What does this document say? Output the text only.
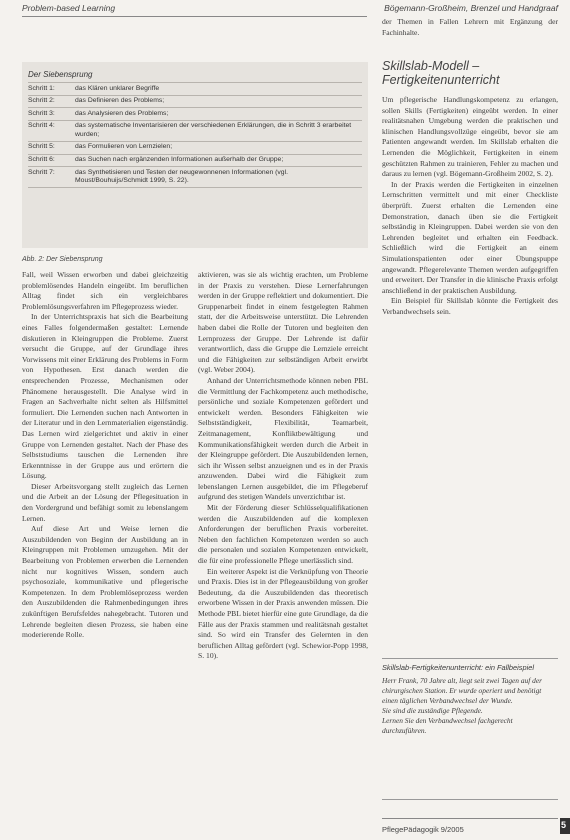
Problem-based Learning	Bögemann-Großheim, Brenzel und Handgraaf
Der Siebensprung
Schritt 1:	das Klären unklarer Begriffe
Schritt 2:	das Definieren des Problems;
Schritt 3:	das Analysieren des Problems;
Schritt 4:	das systematische Inventarisieren der verschiedenen Erklärungen, die in Schritt 3 erarbeitet wurden;
Schritt 5:	das Formulieren von Lernzielen;
Schritt 6:	das Suchen nach ergänzenden Informationen außerhalb der Gruppe;
Schritt 7:	das Synthetisieren und Testen der neugewonnenen Informationen (vgl. Moust/Bouhuijs/Schmidt 1999, S. 22).
Abb. 2: Der Siebensprung

Fall, weil Wissen erworben und dabei gleichzeitig problemlösendes Handeln eingeübt. Im beruflichen Alltag findet sich ein vergleichbares Problemlösungsverfahren im Pflegeprozess wieder.

In der Unterrichtspraxis hat sich die Bearbeitung eines Falles folgendermaßen gestaltet: Lernende diskutieren in Kleingruppen die Probleme. Zuerst versucht die Gruppe, auf der Grundlage ihres Vorwissens mit einer Erklärung des Problems in Form von Hypothesen. Erst danach werden die entsprechenden Prozesse, Mechanismen oder Phänomene herausgestellt. Die Analyse wird in Fragen an Sachverhalte nicht selten als Hilfsmittel formuliert. Die Lernenden suchen nach Antworten in der Literatur und in den Lernmaterialien eigenständig. Das Lernen wird zielgerichtet und aktiv in einer Gruppe von Lernenden gestaltet. Nach der Phase des Selbststudiums tauschen die Lernenden ihre Erkenntnisse in der Gruppe aus und erörtern die Lösung.

Dieser Arbeitsvorgang stellt zugleich das Lernen und die Arbeit an der Lösung der Pflegesituation in den Vordergrund und befähigt somit zu lebenslangem Lernen.

Auf diese Art und Weise lernen die Auszubildenden von Beginn der Ausbildung an in Kleingruppen mit Problemen umzugehen. Mit der Bearbeitung von Problemen erwerben die Lernenden nicht nur kognitives Wissen, sondern auch psychosoziale, kommunikative und pflegerische Kompetenzen. In dem Problemlöseprozess werden den Auszubildenden die Rahmenbedingungen ihres zukünftigen Berufsfeldes nahegebracht. Tutoren und Lehrende begleiten diesen Prozess, sie haben eine moderierende Rolle.

aktivieren, was sie als wichtig erachten, um Probleme in der Praxis zu verstehen. Diese Lernerfahrungen werden in der Gruppe reflektiert und dokumentiert. Die Gruppenarbeit findet in einem festgelegten Rahmen statt, der die Arbeitsweise unterstützt. Die Lehrenden haben dabei die Rolle der Tutoren und begleiten den Lernprozess der Gruppe. Der Lehrende ist dafür verantwortlich, dass die Gruppe die Lernziele erreicht und die Fähigkeiten zur selbständigen Arbeit erwirbt (vgl. Weber 2004).

Anhand der Unterrichtsmethode können neben PBL die Vermittlung der Fachkompetenz auch methodische, persönliche und soziale Kompetenzen gefördert und entwickelt werden. Besonders Fähigkeiten wie Selbstständigkeit, Flexibilität, Teamarbeit, Zeitmanagement, Konfliktbewältigung und Kommunikationsfähigkeit werden durch die Arbeit in der Kleingruppe gefördert. Die Auszubildenden lernen, sich ihr Wissen selbst anzueignen und es in der Praxis anzuwenden. Dabei wird die Fähigkeit zum lebenslangen Lernen ausgebildet, die im Pflegeberuf aufgrund des stetigen Wandels unverzichtbar ist.

Mit der Förderung dieser Schlüsselqualifikationen werden die Auszubildenden auf die komplexen Anforderungen der beruflichen Praxis vorbereitet. Neben den fachlichen Kompetenzen werden so auch die personalen und sozialen Kompetenzen entwickelt, die für eine professionelle Pflege unerlässlich sind.

Ein weiterer Aspekt ist die Verknüpfung von Theorie und Praxis. Dies ist in der Pflegeausbildung von großer Bedeutung, da die Auszubildenden das theoretisch erworbene Wissen in der Praxis anwenden müssen. Die Methode PBL bietet hierfür eine gute Grundlage, da die Fälle aus der Praxis stammen und realitätsnah gestaltet sind. So wird ein Transfer des Gelernten in den beruflichen Alltag gefördert (vgl. Schewior-Popp 1998, S. 10).

der Themen in Fallen Lehrern mit Ergänzung der Fachinhalte.

Skillslab-Modell – Fertigkeitenunterricht

Um pflegerische Handlungskompetenz zu erlangen, sollen Skills (Fertigkeiten) eingeübt werden. In einer realitätsnahen Umgebung werden die praktischen und klinischen Handlungsvollzüge eingeübt, bevor sie am Patienten angewandt werden. Im Skillslab erhalten die Lernenden die Möglichkeit, Fertigkeiten in einem geschützten Rahmen zu trainieren, Fehler zu machen und daraus zu lernen (vgl. Bögemann-Großheim 2002, S. 2).

In der Praxis werden die Fertigkeiten in einzelnen Lernschritten vermittelt und mit einer Checkliste überprüft. Zuerst erhalten die Lernenden eine Demonstration, danach üben sie die Fertigkeit selbständig in Kleingruppen. Dabei werden sie von den Lehrenden begleitet und erhalten ein Feedback. Schließlich wird die Fertigkeit an einem Simulationspatienten oder einer Übungspuppe angewandt. Pflegerelevante Themen werden aufgegriffen und erweitert. Der Transfer in die klinische Praxis erfolgt anschließend in der praktischen Ausbildung.

Ein Beispiel für Skillslab könnte die Fertigkeit des Verbandwechsels sein.

Skillslab-Fertigkeitenunterricht: ein Fallbeispiel

Herr Frank, 70 Jahre alt, liegt seit zwei Tagen auf der chirurgischen Station. Er wurde operiert und benötigt einen täglichen Verbandwechsel der Wunde.

Sie sind die zuständige Pflegende.

Lernen Sie den Verbandwechsel fachgerecht durchzuführen.

PflegePädagogik 9/2005	5
